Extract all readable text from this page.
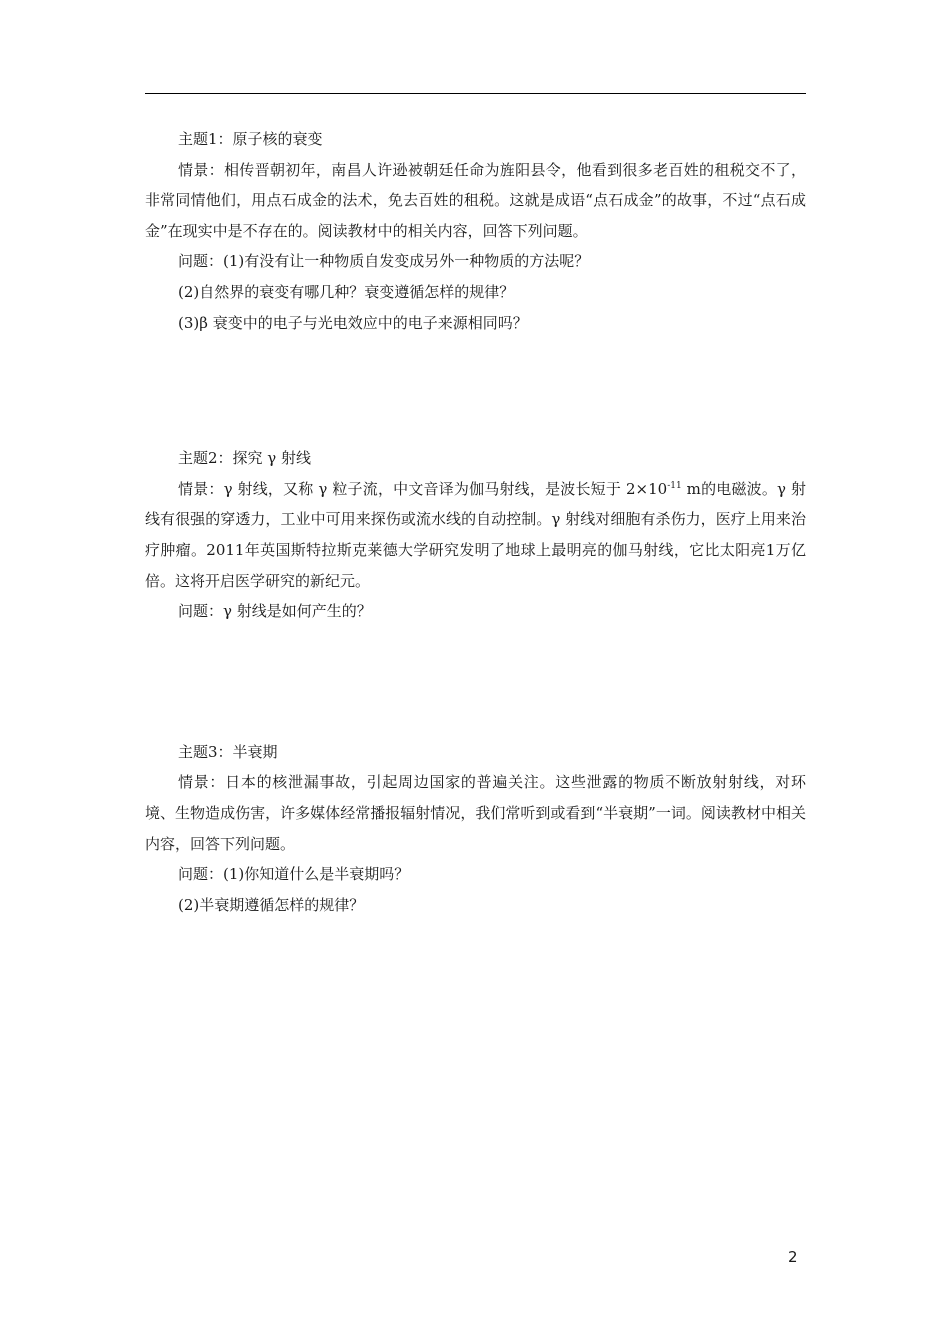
主题1：原子核的衰变

情景：相传晋朝初年，南昌人许逊被朝廷任命为旌阳县令，他看到很多老百姓的租税交不了，非常同情他们，用点石成金的法术，免去百姓的租税。这就是成语“点石成金”的故事，不过“点石成金”在现实中是不存在的。阅读教材中的相关内容，回答下列问题。

问题：(1)有没有让一种物质自发变成另外一种物质的方法呢？

(2)自然界的衰变有哪几种？衰变遵循怎样的规律？

(3)β 衰变中的电子与光电效应中的电子来源相同吗？

主题2：探究 γ 射线

情景：γ 射线，又称 γ 粒子流，中文音译为伽马射线，是波长短于 $2\times 10^{-11}$ m的电磁波。γ 射线有很强的穿透力，工业中可用来探伤或流水线的自动控制。γ 射线对细胞有杀伤力，医疗上用来治疗肿瘤。2011年英国斯特拉斯克莱德大学研究发明了地球上最明亮的伽马射线，它比太阳亮1万亿倍。这将开启医学研究的新纪元。

问题：γ 射线是如何产生的？

主题3：半衰期

情景：日本的核泄漏事故，引起周边国家的普遍关注。这些泄露的物质不断放射射线，对环境、生物造成伤害，许多媒体经常播报辐射情况，我们常听到或看到“半衰期”一词。阅读教材中相关内容，回答下列问题。

问题：(1)你知道什么是半衰期吗？

(2)半衰期遵循怎样的规律？

2
